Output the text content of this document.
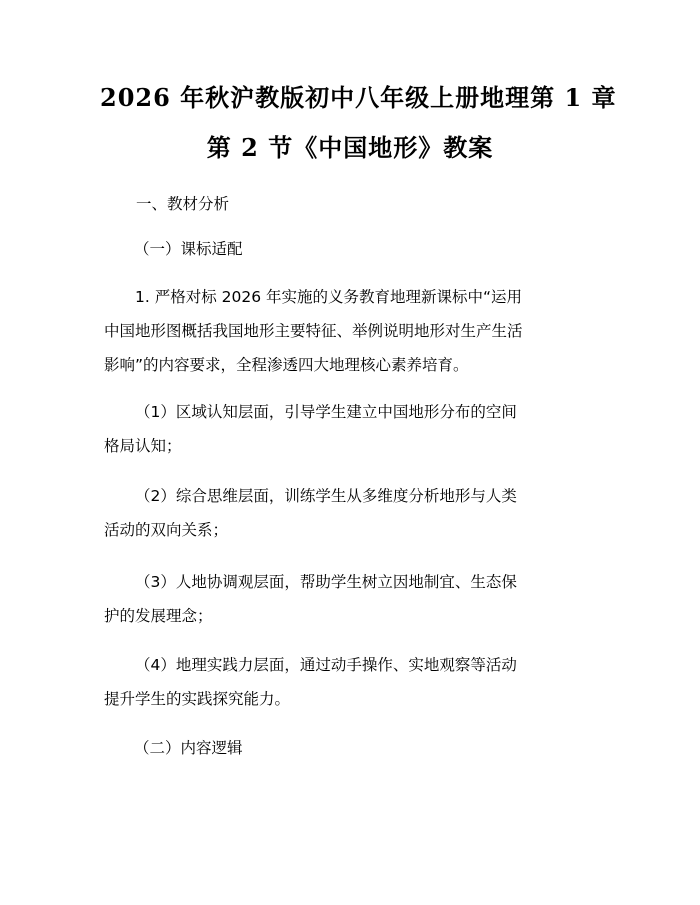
2026 年秋沪教版初中八年级上册地理第 1 章
第 2 节《中国地形》教案

一、教材分析

（一）课标适配

1. 严格对标 2026 年实施的义务教育地理新课标中“运用
中国地形图概括我国地形主要特征、举例说明地形对生产生活
影响”的内容要求，全程渗透四大地理核心素养培育。

（1）区域认知层面，引导学生建立中国地形分布的空间
格局认知；

（2）综合思维层面，训练学生从多维度分析地形与人类
活动的双向关系；

（3）人地协调观层面，帮助学生树立因地制宜、生态保
护的发展理念；

（4）地理实践力层面，通过动手操作、实地观察等活动
提升学生的实践探究能力。

（二）内容逻辑
